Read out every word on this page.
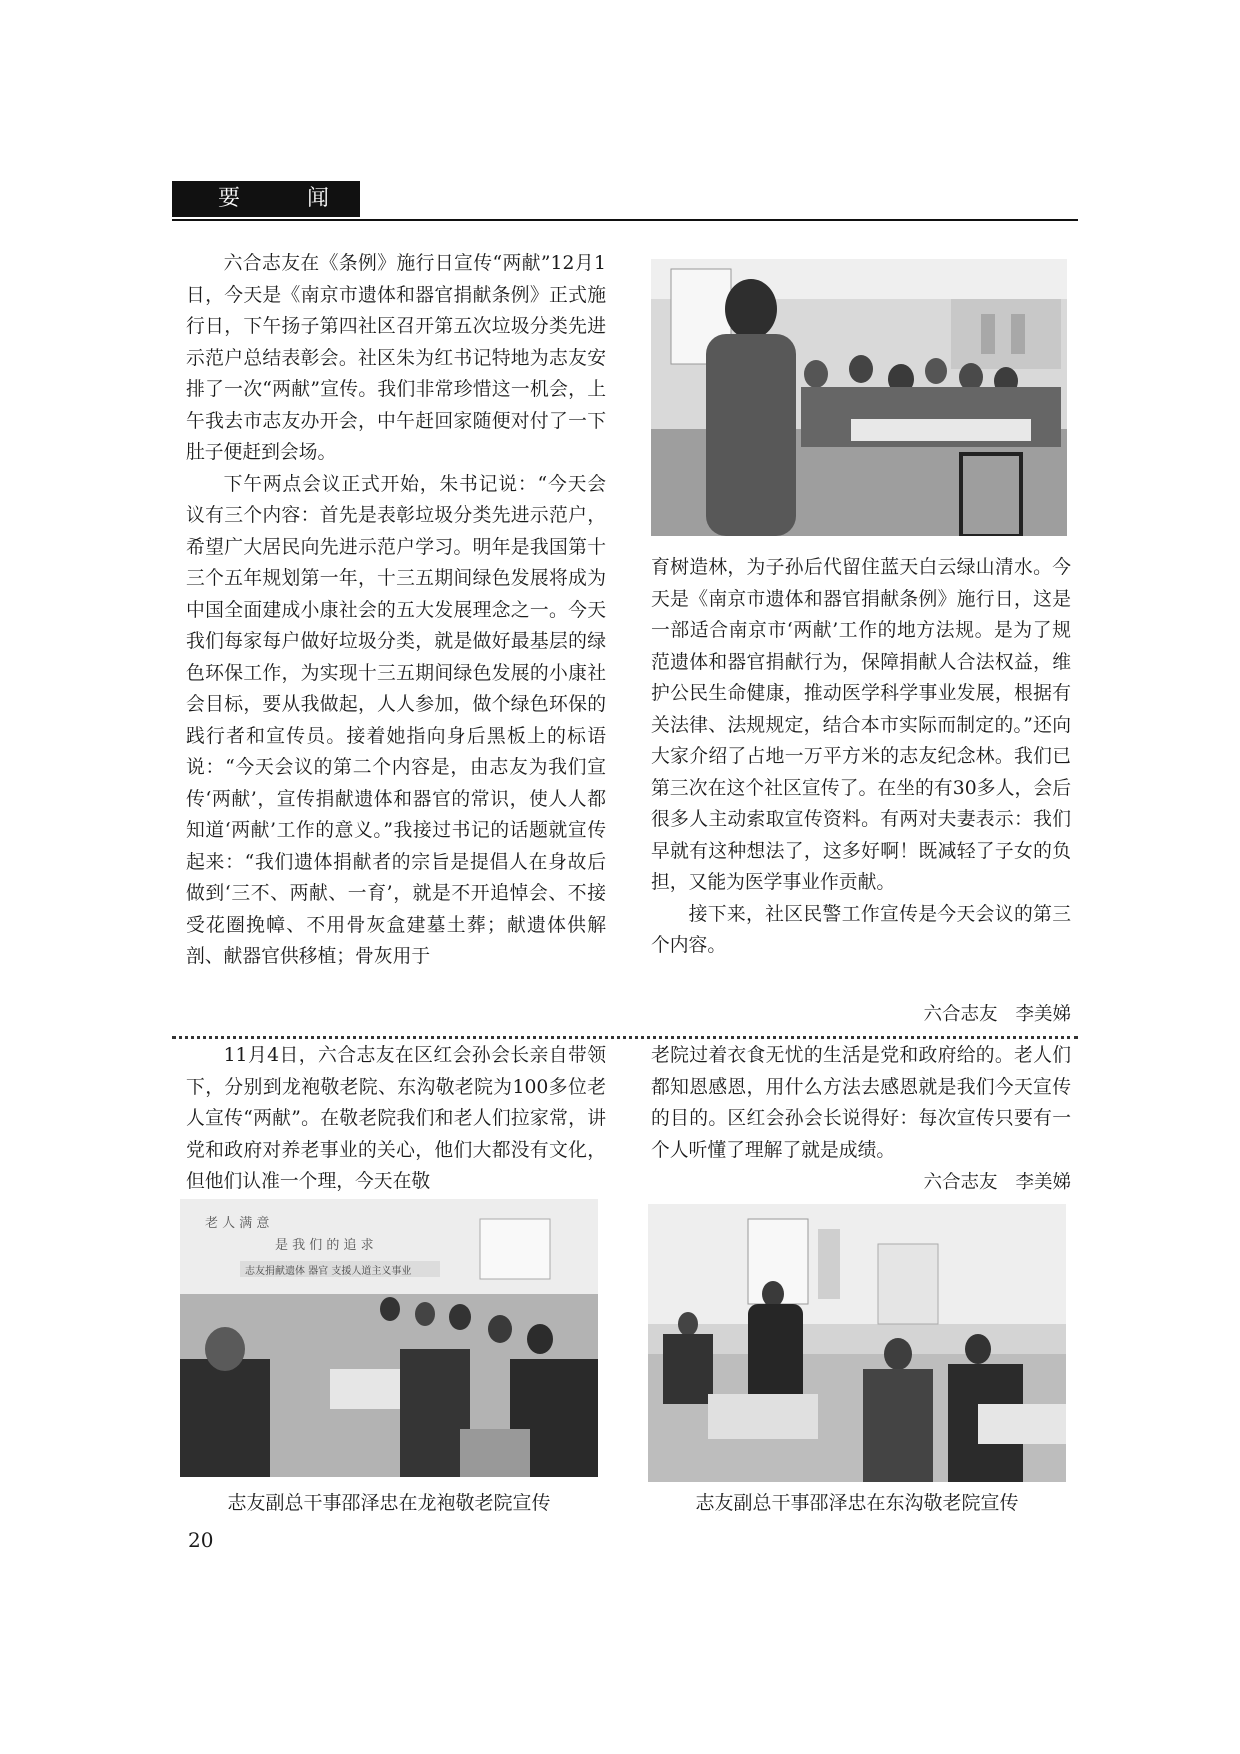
要 闻

六合志友在《条例》施行日宣传“两献”12月1日，今天是《南京市遗体和器官捐献条例》正式施行日，下午扬子第四社区召开第五次垃圾分类先进示范户总结表彰会。社区朱为红书记特地为志友安排了一次“两献”宣传。我们非常珍惜这一机会，上午我去市志友办开会，中午赶回家随便对付了一下肚子便赶到会场。

下午两点会议正式开始，朱书记说：“今天会议有三个内容：首先是表彰垃圾分类先进示范户，希望广大居民向先进示范户学习。明年是我国第十三个五年规划第一年，十三五期间绿色发展将成为中国全面建成小康社会的五大发展理念之一。今天我们每家每户做好垃圾分类，就是做好最基层的绿色环保工作，为实现十三五期间绿色发展的小康社会目标，要从我做起，人人参加，做个绿色环保的践行者和宣传员。接着她指向身后黑板上的标语说：“今天会议的第二个内容是，由志友为我们宣传‘两献’，宣传捐献遗体和器官的常识，使人人都知道‘两献’工作的意义。”我接过书记的话题就宣传起来：“我们遗体捐献者的宗旨是提倡人在身故后做到‘三不、两献、一育’，就是不开追悼会、不接受花圈挽幛、不用骨灰盒建墓土葬；献遗体供解剖、献器官供移植；骨灰用于

育树造林，为子孙后代留住蓝天白云绿山清水。今天是《南京市遗体和器官捐献条例》施行日，这是一部适合南京市‘两献’工作的地方法规。是为了规范遗体和器官捐献行为，保障捐献人合法权益，维护公民生命健康，推动医学科学事业发展，根据有关法律、法规规定，结合本市实际而制定的。”还向大家介绍了占地一万平方米的志友纪念林。我们已第三次在这个社区宣传了。在坐的有30多人，会后很多人主动索取宣传资料。有两对夫妻表示：我们早就有这种想法了，这多好啊！既减轻了子女的负担，又能为医学事业作贡献。

接下来，社区民警工作宣传是今天会议的第三个内容。

六合志友 李美娣

11月4日，六合志友在区红会孙会长亲自带领下，分别到龙袍敬老院、东沟敬老院为100多位老人宣传“两献”。在敬老院我们和老人们拉家常，讲党和政府对养老事业的关心，他们大都没有文化，但他们认准一个理，今天在敬

老院过着衣食无忧的生活是党和政府给的。老人们都知恩感恩，用什么方法去感恩就是我们今天宣传的目的。区红会孙会长说得好：每次宣传只要有一个人听懂了理解了就是成绩。

六合志友 李美娣
老 人 满 意
是 我 们 的 追 求
志友捐献遗体 器官 支援人道主义事业
志友副总干事邵泽忠在龙袍敬老院宣传	志友副总干事邵泽忠在东沟敬老院宣传
20
